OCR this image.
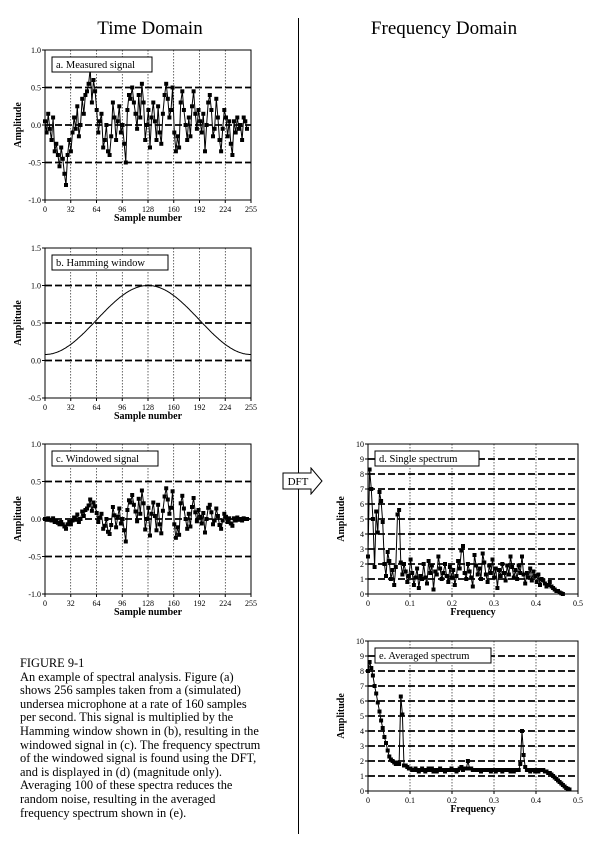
Time Domain	Frequency Domain
0 32 64 96 128 160 192 224 255
-1.0
-0.5
0.0
0.5
1.0
Sample number
Amplitude
a. Measured signal
0 32 64 96 128 160 192 224 255
-0.5
0.0
0.5
1.0
1.5
Sample number
Amplitude
b. Hamming window
0 32 64 96 128 160 192 224 255
-1.0
-0.5
0.0
0.5
1.0
Sample number
Amplitude
c. Windowed signal
0	0.1	0.2	0.3	0.4	0.5
0
1
2
3
4
5
6
7
8
9
10
Frequency
Amplitude
d. Single spectrum
0	0.1	0.2	0.3	0.4	0.5
0
1
2
3
4
5
6
7
8
9
10
Frequency
Amplitude
e. Averaged spectrum
DFT
FIGURE 9-1
An example of spectral analysis. Figure (a) shows 256 samples taken from a (simulated) undersea microphone at a rate of 160 samples per second. This signal is multiplied by the Hamming window shown in (b), resulting in the windowed signal in (c). The frequency spectrum of the windowed signal is found using the DFT, and is displayed in (d) (magnitude only). Averaging 100 of these spectra reduces the random noise, resulting in the averaged frequency spectrum shown in (e).
